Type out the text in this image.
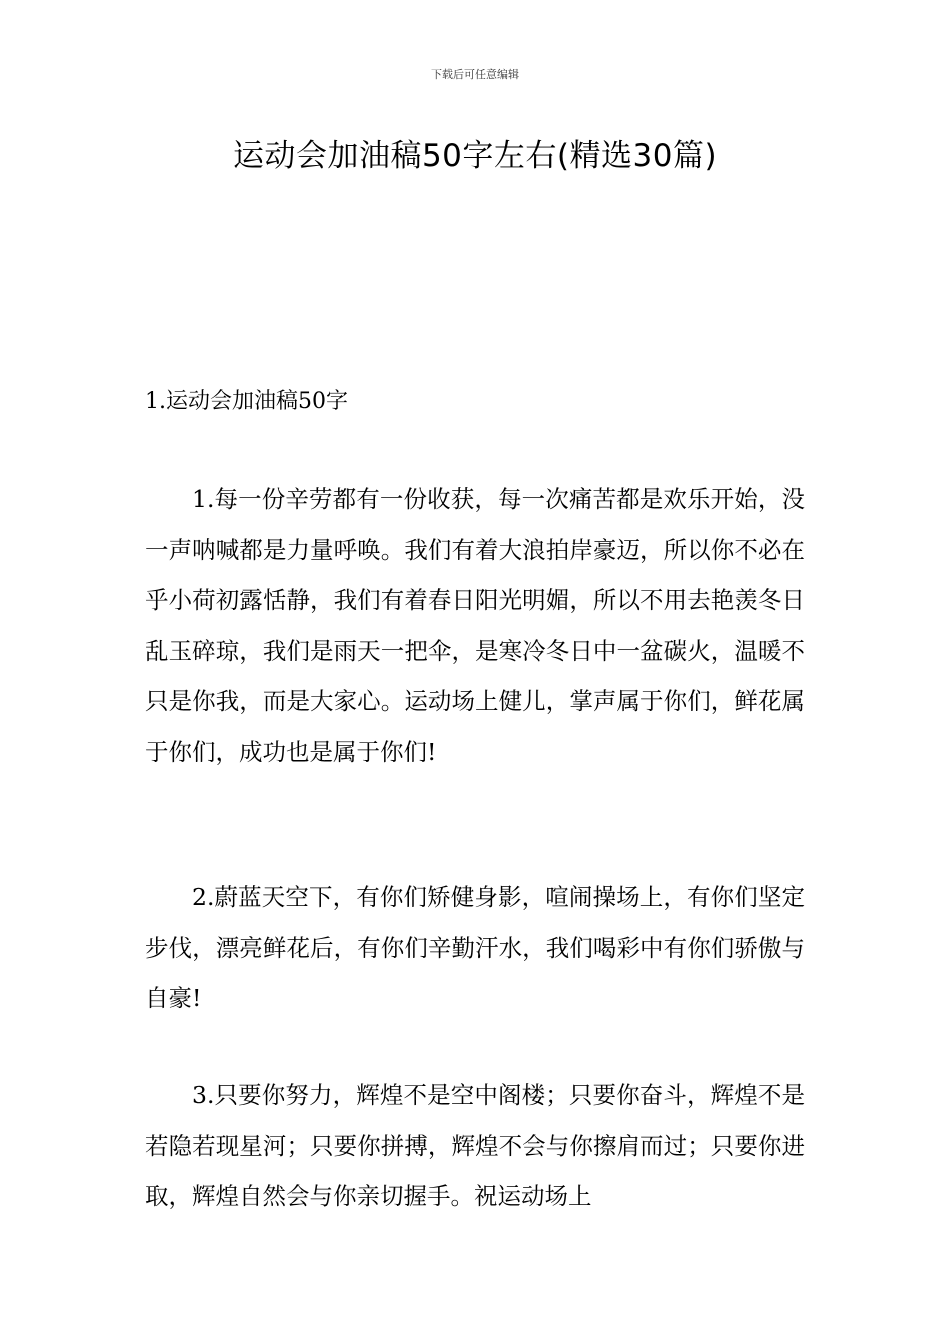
下载后可任意编辑
运动会加油稿50字左右(精选30篇)
1.运动会加油稿50字

1.每一份辛劳都有一份收获，每一次痛苦都是欢乐开始，没一声呐喊都是力量呼唤。我们有着大浪拍岸豪迈，所以你不必在乎小荷初露恬静，我们有着春日阳光明媚，所以不用去艳羡冬日乱玉碎琼，我们是雨天一把伞，是寒冷冬日中一盆碳火，温暖不只是你我，而是大家心。运动场上健儿，掌声属于你们，鲜花属于你们，成功也是属于你们!

2.蔚蓝天空下，有你们矫健身影，喧闹操场上，有你们坚定步伐，漂亮鲜花后，有你们辛勤汗水，我们喝彩中有你们骄傲与自豪!

3.只要你努力，辉煌不是空中阁楼；只要你奋斗，辉煌不是若隐若现星河；只要你拼搏，辉煌不会与你擦肩而过；只要你进取，辉煌自然会与你亲切握手。祝运动场上
